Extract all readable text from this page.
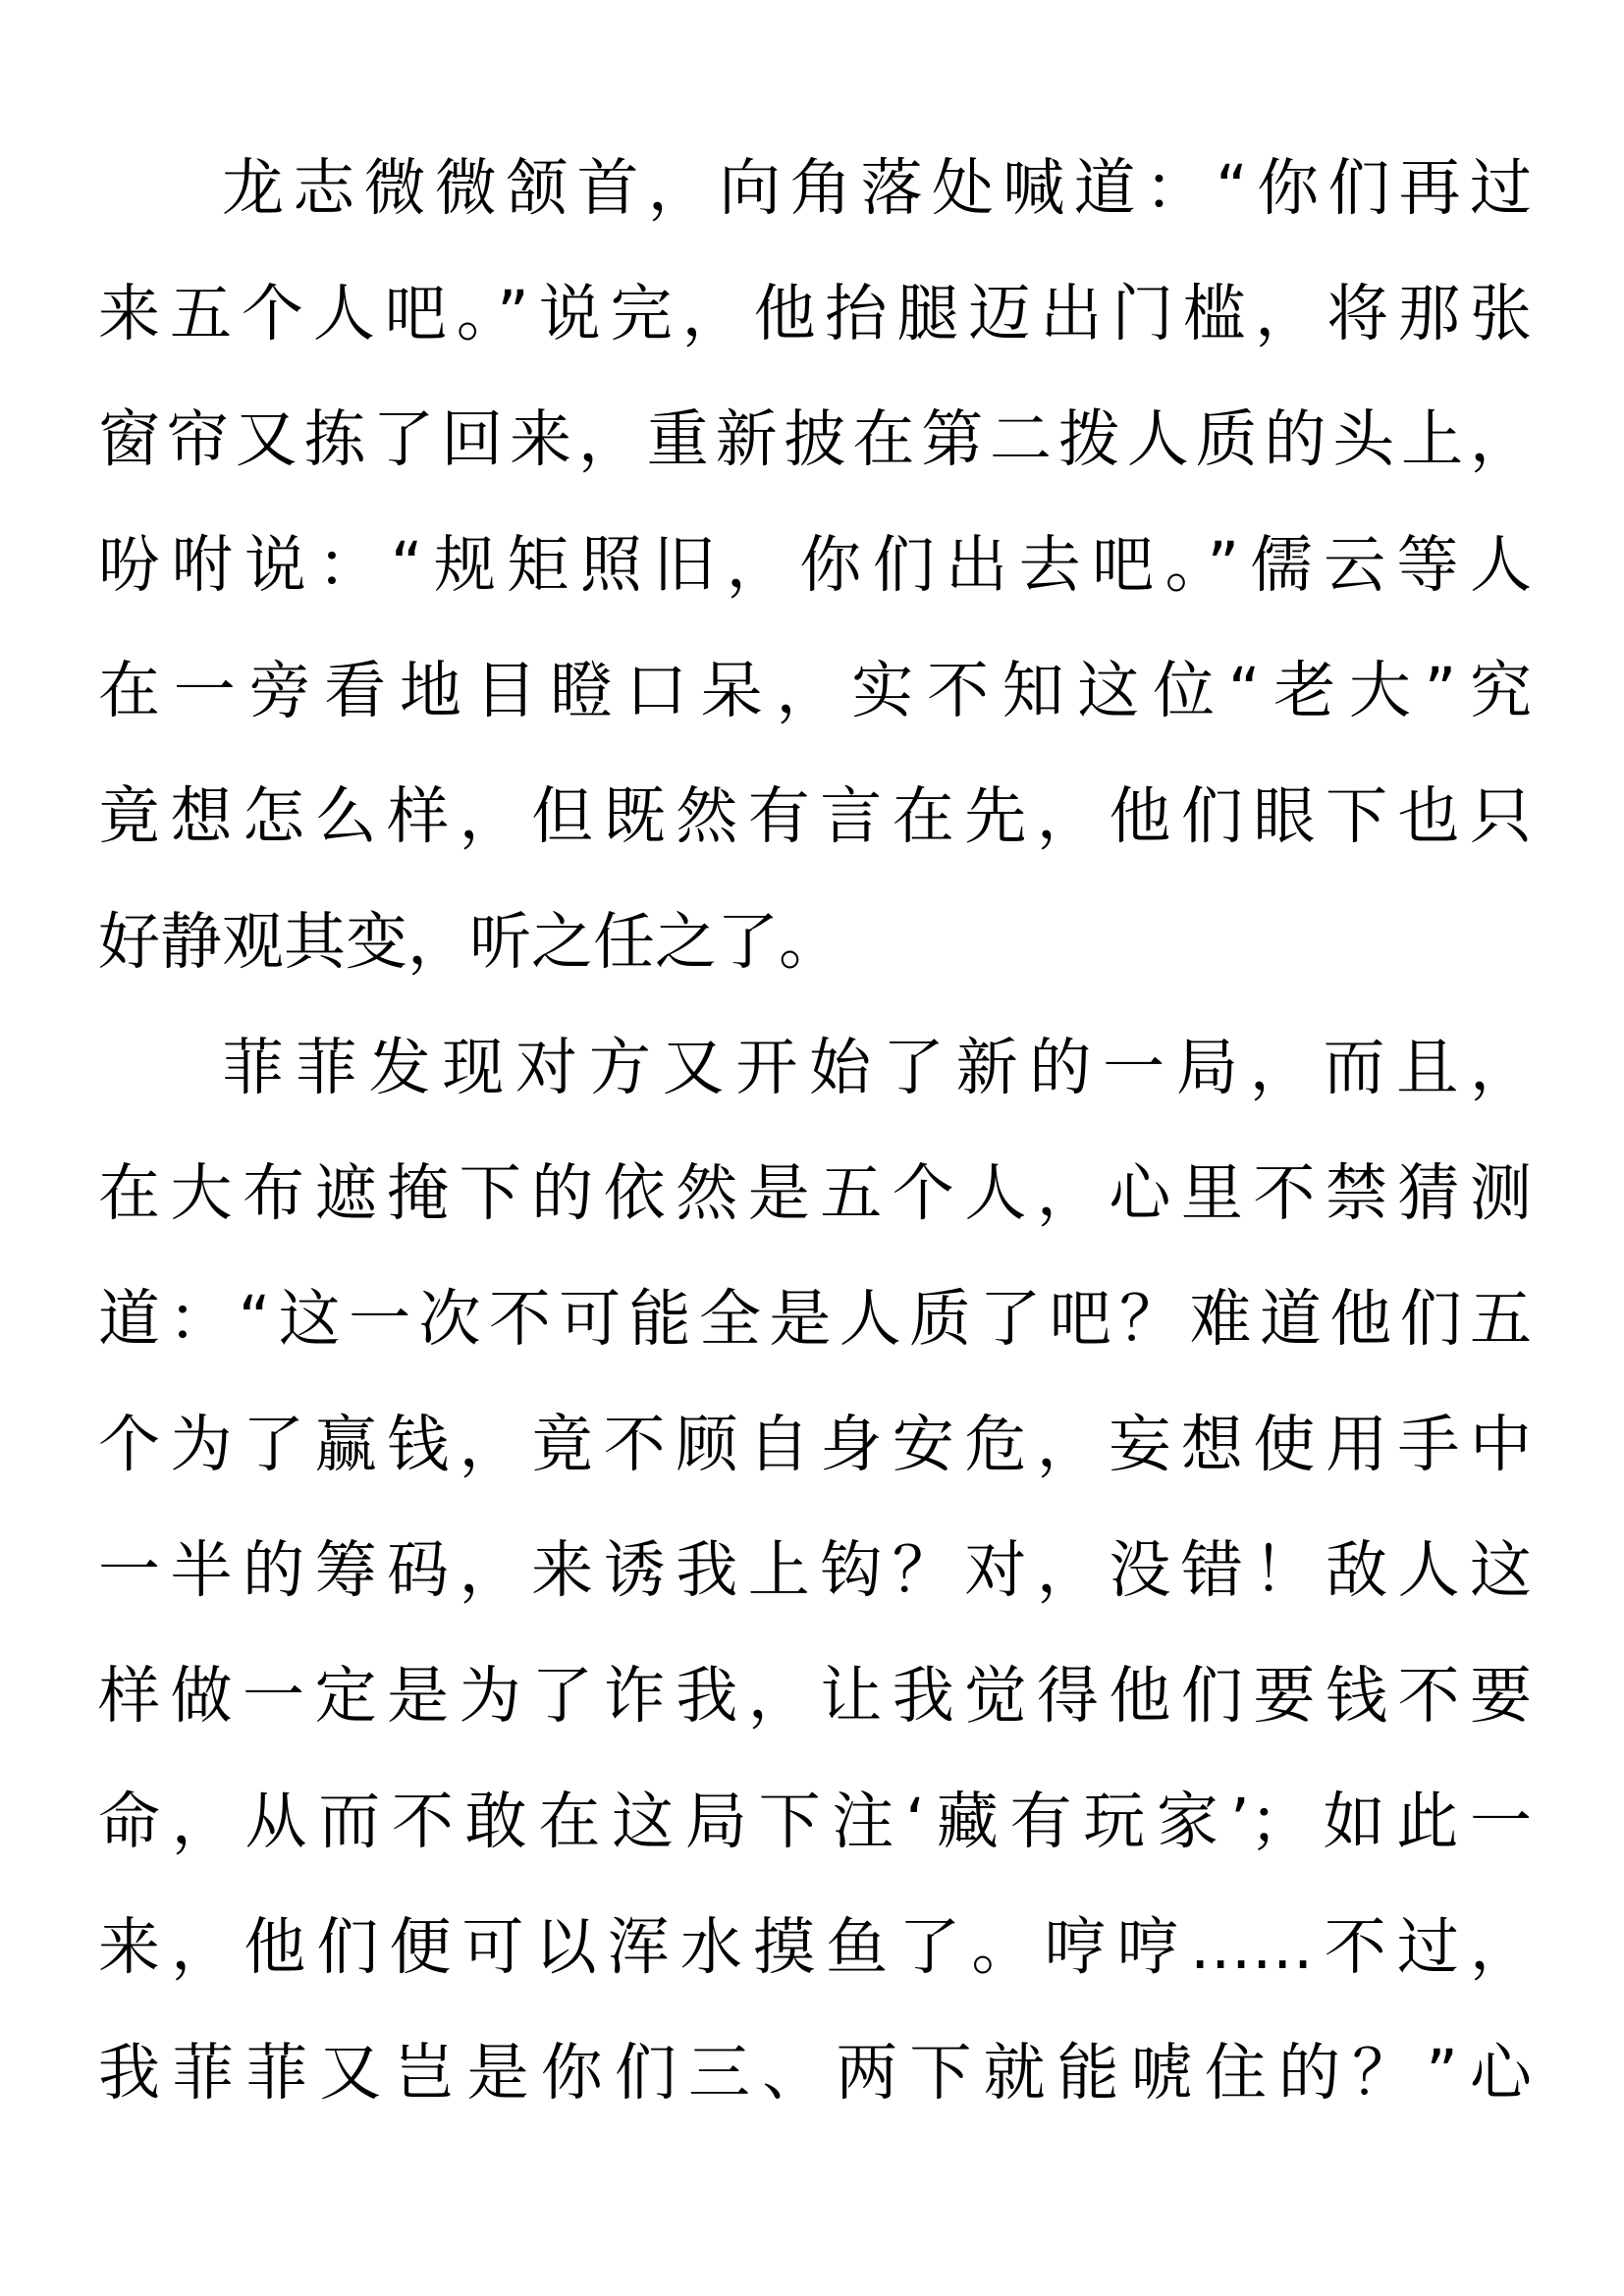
龙志微微颔首，向角落处喊道：“你们再过
来五个人吧。”说完，他抬腿迈出门槛，将那张
窗帘又拣了回来，重新披在第二拨人质的头上，
吩咐说：“规矩照旧，你们出去吧。”儒云等人
在一旁看地目瞪口呆，实不知这位“老大”究
竟想怎么样，但既然有言在先，他们眼下也只
好静观其变，听之任之了。
菲菲发现对方又开始了新的一局，而且，
在大布遮掩下的依然是五个人，心里不禁猜测
道：“这一次不可能全是人质了吧？难道他们五
个为了赢钱，竟不顾自身安危，妄想使用手中
一半的筹码，来诱我上钩？对，没错！敌人这
样做一定是为了诈我，让我觉得他们要钱不要
命，从而不敢在这局下注‘藏有玩家’；如此一
来，他们便可以浑水摸鱼了。哼哼……不过，
我菲菲又岂是你们三、两下就能唬住的？”心
